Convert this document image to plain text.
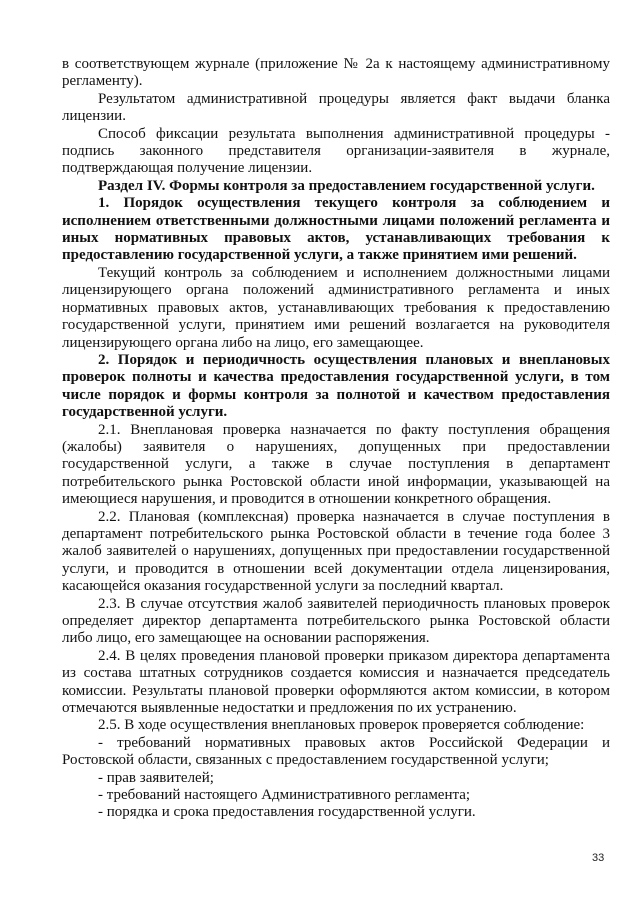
в соответствующем журнале (приложение № 2а к настоящему административному регламенту).

Результатом административной процедуры является факт выдачи бланка лицензии.

Способ фиксации результата выполнения административной процедуры - подпись законного представителя организации-заявителя в журнале, подтверждающая получение лицензии.

Раздел IV. Формы контроля за предоставлением государственной услуги.

1. Порядок осуществления текущего контроля за соблюдением и исполнением ответственными должностными лицами положений регламента и иных нормативных правовых актов, устанавливающих требования к предоставлению государственной услуги, а также принятием ими решений.

Текущий контроль за соблюдением и исполнением должностными лицами лицензирующего органа положений административного регламента и иных нормативных правовых актов, устанавливающих требования к предоставлению государственной услуги, принятием ими решений возлагается на руководителя лицензирующего органа либо на лицо, его замещающее.

2. Порядок и периодичность осуществления плановых и внеплановых проверок полноты и качества предоставления государственной услуги, в том числе порядок и формы контроля за полнотой и качеством предоставления государственной услуги.

2.1. Внеплановая проверка назначается по факту поступления обращения (жалобы) заявителя о нарушениях, допущенных при предоставлении государственной услуги, а также в случае поступления в департамент потребительского рынка Ростовской области иной информации, указывающей на имеющиеся нарушения, и проводится в отношении конкретного обращения.

2.2. Плановая (комплексная) проверка назначается в случае поступления в департамент потребительского рынка Ростовской области в течение года более 3 жалоб заявителей о нарушениях, допущенных при предоставлении государственной услуги, и проводится в отношении всей документации отдела лицензирования, касающейся оказания государственной услуги за последний квартал.

2.3. В случае отсутствия жалоб заявителей периодичность плановых проверок определяет директор департамента потребительского рынка Ростовской области либо лицо, его замещающее на основании распоряжения.

2.4. В целях проведения плановой проверки приказом директора департамента из состава штатных сотрудников создается комиссия и назначается председатель комиссии. Результаты плановой проверки оформляются актом комиссии, в котором отмечаются выявленные недостатки и предложения по их устранению.

2.5. В ходе осуществления внеплановых проверок проверяется соблюдение:

- требований нормативных правовых актов Российской Федерации и Ростовской области, связанных с предоставлением государственной услуги;

- прав заявителей;

- требований настоящего Административного регламента;

- порядка и срока предоставления государственной услуги.

33
